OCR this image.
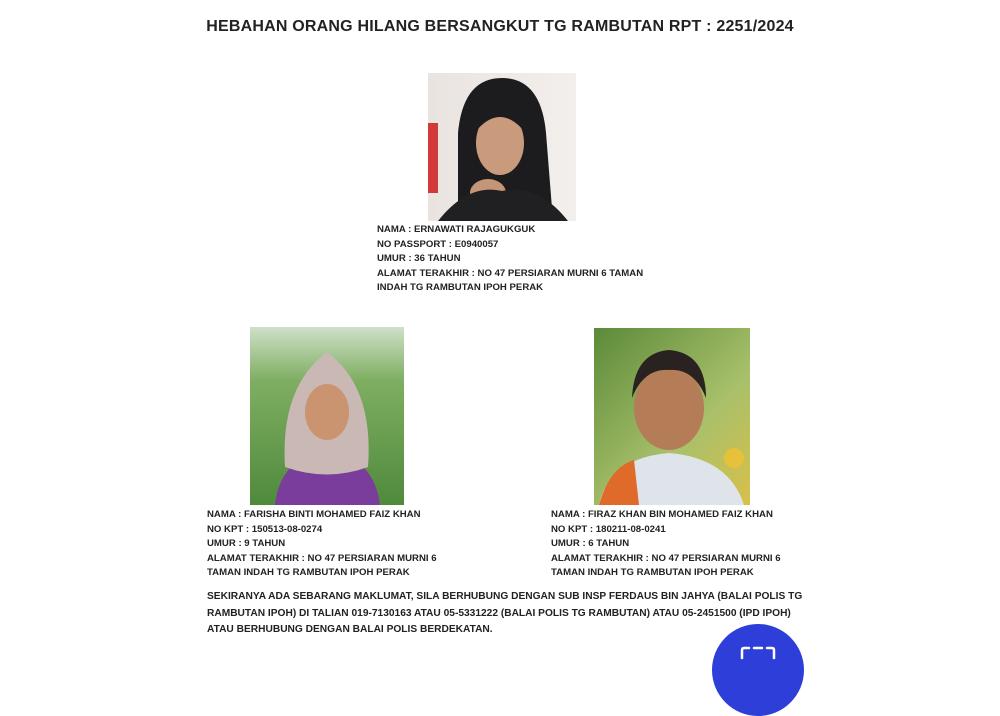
HEBAHAN ORANG HILANG BERSANGKUT TG RAMBUTAN RPT : 2251/2024
NAMA : ERNAWATI RAJAGUKGUK
NO PASSPORT : E0940057
UMUR : 36 TAHUN
ALAMAT TERAKHIR : NO 47 PERSIARAN MURNI 6 TAMAN
INDAH TG RAMBUTAN IPOH PERAK
NAMA : FARISHA BINTI MOHAMED FAIZ KHAN
NO KPT : 150513-08-0274
UMUR : 9 TAHUN
ALAMAT TERAKHIR : NO 47 PERSIARAN MURNI 6
TAMAN INDAH TG RAMBUTAN IPOH PERAK
NAMA : FIRAZ KHAN BIN MOHAMED FAIZ KHAN
NO KPT : 180211-08-0241
UMUR : 6 TAHUN
ALAMAT TERAKHIR : NO 47 PERSIARAN MURNI 6
TAMAN INDAH TG RAMBUTAN IPOH PERAK
SEKIRANYA ADA SEBARANG MAKLUMAT, SILA BERHUBUNG DENGAN SUB INSP FERDAUS BIN JAHYA (BALAI POLIS TG RAMBUTAN IPOH) DI TALIAN 019-7130163 ATAU 05-5331222 (BALAI POLIS TG RAMBUTAN) ATAU 05-2451500 (IPD IPOH) ATAU BERHUBUNG DENGAN BALAI POLIS BERDEKATAN.
